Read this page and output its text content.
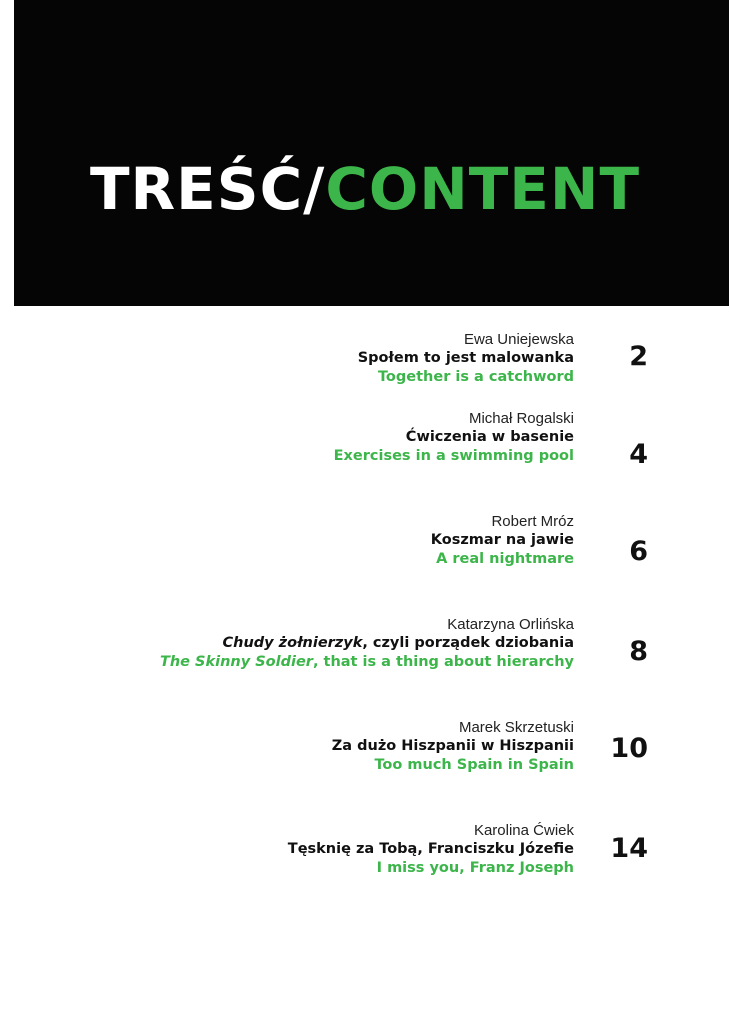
TREŚĆ/CONTENT
Ewa Uniejewska
Społem to jest malowanka
Together is a catchword
2
Michał Rogalski
Ćwiczenia w basenie
Exercises in a swimming pool 4
Robert Mróz
Koszmar na jawie
A real nightmare 6
Katarzyna Orlińska
Chudy żołnierzyk, czyli porządek dziobania
The Skinny Soldier, that is a thing about hierarchy 8
Marek Skrzetuski
Za dużo Hiszpanii w Hiszpanii
Too much Spain in Spain
10
Karolina Ćwiek
Tęsknię za Tobą, Franciszku Józefie
I miss you, Franz Joseph
14
